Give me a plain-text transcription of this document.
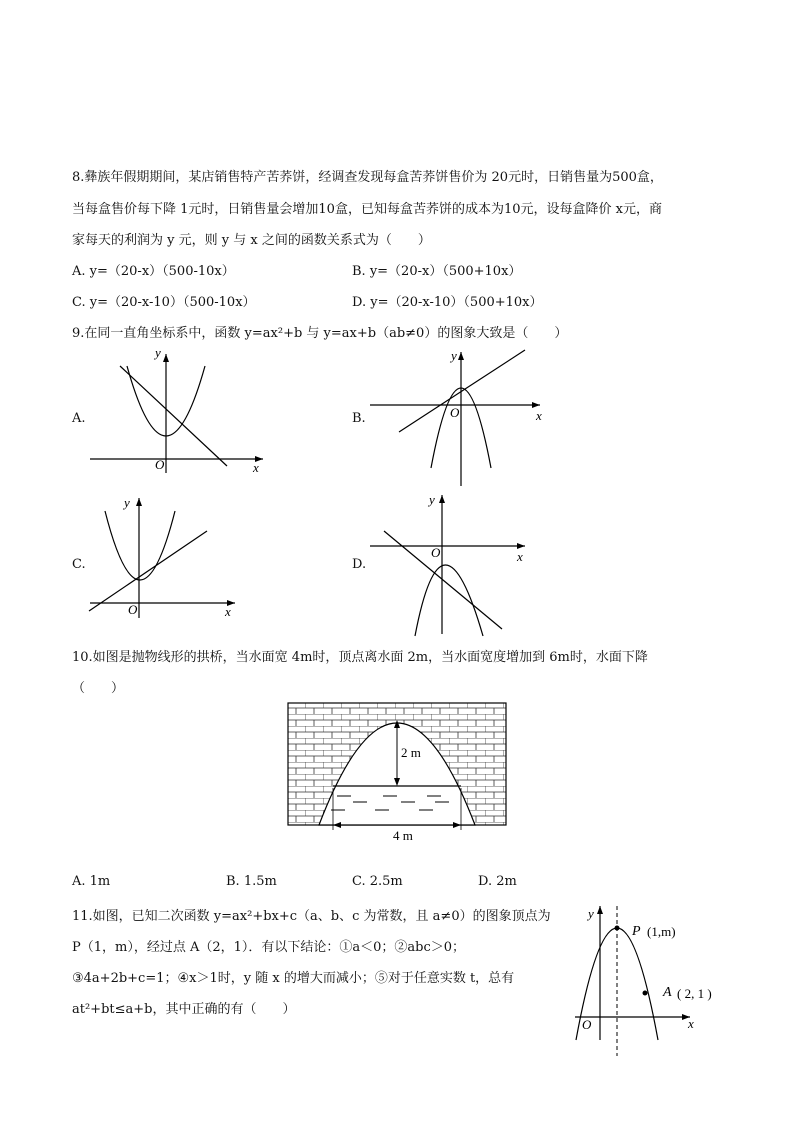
8.彝族年假期期间，某店销售特产苦荞饼，经调查发现每盒苦荞饼售价为 20元时，日销售量为500盒，
当每盒售价每下降 1元时，日销售量会增加10盒，已知每盒苦荞饼的成本为10元，设每盒降价 x元，商
家每天的利润为 y 元，则 y 与 x 之间的函数关系式为（　　）
A. y=（20-x）（500-10x）	B. y=（20-x）（500+10x）
C. y=（20-x-10）（500-10x）	D. y=（20-x-10）（500+10x）
9.在同一直角坐标系中，函数 y=ax²+b 与 y=ax+b（ab≠0）的图象大致是（　　）
A.	B.
C.	D.
y
x
O
y
x
O
y
x
O
y
x
O
10.如图是抛物线形的拱桥，当水面宽 4m时，顶点离水面 2m，当水面宽度增加到 6m时，水面下降
（　　）
2 m
4 m
A. 1m	B. 1.5m	C. 2.5m	D. 2m
11.如图，已知二次函数 y=ax²+bx+c（a、b、c 为常数，且 a≠0）的图象顶点为
P（1，m），经过点 A（2，1）．有以下结论：①a＜0；②abc＞0；
③4a+2b+c=1；④x＞1时，y 随 x 的增大而减小；⑤对于任意实数 t，总有
at²+bt≤a+b，其中正确的有（　　）
P (1,m)
A ( 2, 1 )
y
x
O
